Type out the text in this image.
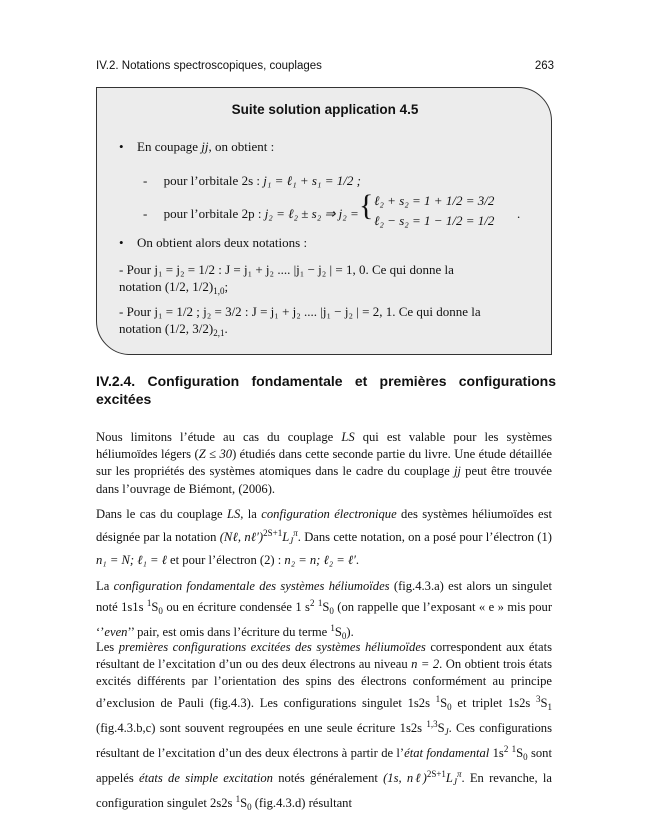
IV.2. Notations spectroscopiques, couplages	263
Suite solution application 4.5
• En coupage jj, on obtient :
-     pour l’orbitale 2s : j₁ = ℓ₁ + s₁ = 1/2 ;
-     pour l’orbitale 2p : j₂ = ℓ₂ ± s₂ ⇒ j₂ = { ℓ₂ + s₂ = 1 + 1/2 = 3/2
ℓ₂ − s₂ = 1 − 1/2 = 1/2 .
• On obtient alors deux notations :
- Pour j₁ = j₂ = 1/2 : J = j₁ + j₂ .... |j₁ − j₂ | = 1, 0. Ce qui donne la
notation (1/2, $1/2)_{1,0}$;
- Pour j₁ = 1/2 ; j₂ = 3/2 : J = j₁ + j₂ .... |j₁ − j₂ | = 2, 1. Ce qui donne la
notation (1/2, $3/2)_{2,1}$.
IV.2.4. Configuration fondamentale et premières configurations excitées
Nous limitons l’étude au cas du couplage LS qui est valable pour les systèmes héliumoïdes légers (Z ≤ 30) étudiés dans cette seconde partie du livre. Une étude détaillée sur les propriétés des systèmes atomiques dans le cadre du couplage jj peut être trouvée dans l’ouvrage de Biémont, (2006).
Dans le cas du couplage LS, la configuration électronique des systèmes héliumoïdes est désignée par la notation (Nℓ, $n\ell')^{2S+1}L_J^\pi$. Dans cette notation, on a posé pour l’électron (1) n₁ = N; ℓ₁ = ℓ et pour l’électron (2) : n₂ = n; ℓ₂ = ℓ′.
La configuration fondamentale des systèmes héliumoïdes (fig.4.3.a) est alors un singulet noté 1s1s $^1S_0$ ou en écriture condensée 1 $s^2$ $^1S_0$ (on rappelle que l’exposant « e » mis pour ‘’even’’ pair, est omis dans l’écriture du terme $^1S_0$).
Les premières configurations excitées des systèmes héliumoïdes correspondent aux états résultant de l’excitation d’un ou des deux électrons au niveau n = 2. On obtient trois états excités différents par l’orientation des spins des électrons conformément au principe d’exclusion de Pauli (fig.4.3). Les configurations singulet 1s2s $^1S_0$ et triplet 1s2s $^3S_1$ (fig.4.3.b,c) sont souvent regroupées en une seule écriture 1s2s $^{1,3}S_J$. Ces configurations résultant de l’excitation d’un des deux électrons à partir de l’état fondamental $1s^2$ $^1S_0$ sont appelés états de simple excitation notés généralement (1s, $n\ell)^{2S+1}L_J^\pi$. En revanche, la configuration singulet 2s2s $^1S_0$ (fig.4.3.d) résultant
